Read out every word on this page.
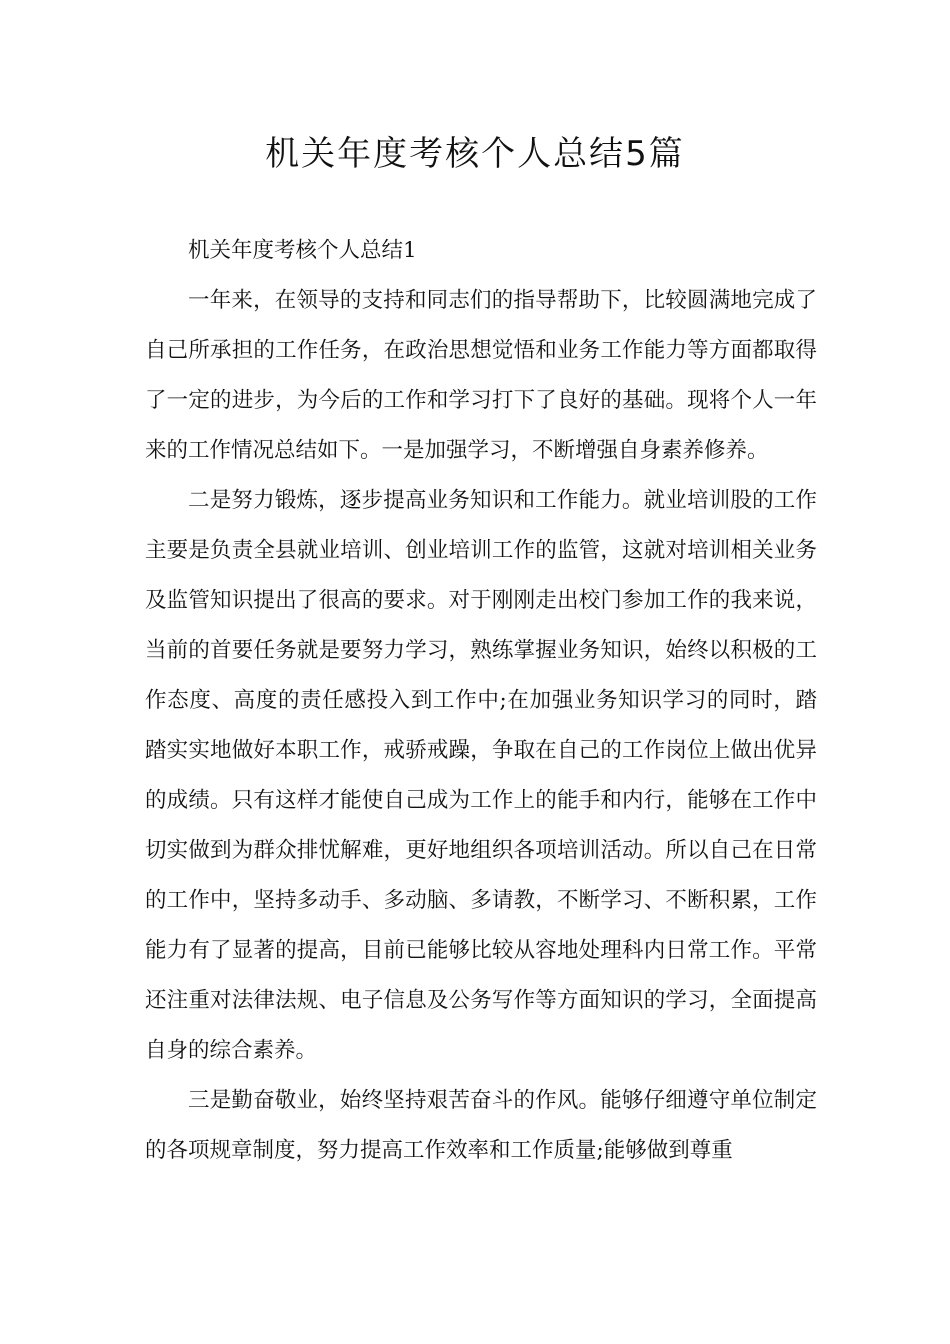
机关年度考核个人总结5篇

机关年度考核个人总结1

一年来，在领导的支持和同志们的指导帮助下，比较圆满地完成了自己所承担的工作任务，在政治思想觉悟和业务工作能力等方面都取得了一定的进步，为今后的工作和学习打下了良好的基础。现将个人一年来的工作情况总结如下。一是加强学习，不断增强自身素养修养。

二是努力锻炼，逐步提高业务知识和工作能力。就业培训股的工作主要是负责全县就业培训、创业培训工作的监管，这就对培训相关业务及监管知识提出了很高的要求。对于刚刚走出校门参加工作的我来说，当前的首要任务就是要努力学习，熟练掌握业务知识，始终以积极的工作态度、高度的责任感投入到工作中;在加强业务知识学习的同时，踏踏实实地做好本职工作，戒骄戒躁，争取在自己的工作岗位上做出优异的成绩。只有这样才能使自己成为工作上的能手和内行，能够在工作中切实做到为群众排忧解难，更好地组织各项培训活动。所以自己在日常的工作中，坚持多动手、多动脑、多请教，不断学习、不断积累，工作能力有了显著的提高，目前已能够比较从容地处理科内日常工作。平常还注重对法律法规、电子信息及公务写作等方面知识的学习，全面提高自身的综合素养。

三是勤奋敬业，始终坚持艰苦奋斗的作风。能够仔细遵守单位制定的各项规章制度，努力提高工作效率和工作质量;能够做到尊重
